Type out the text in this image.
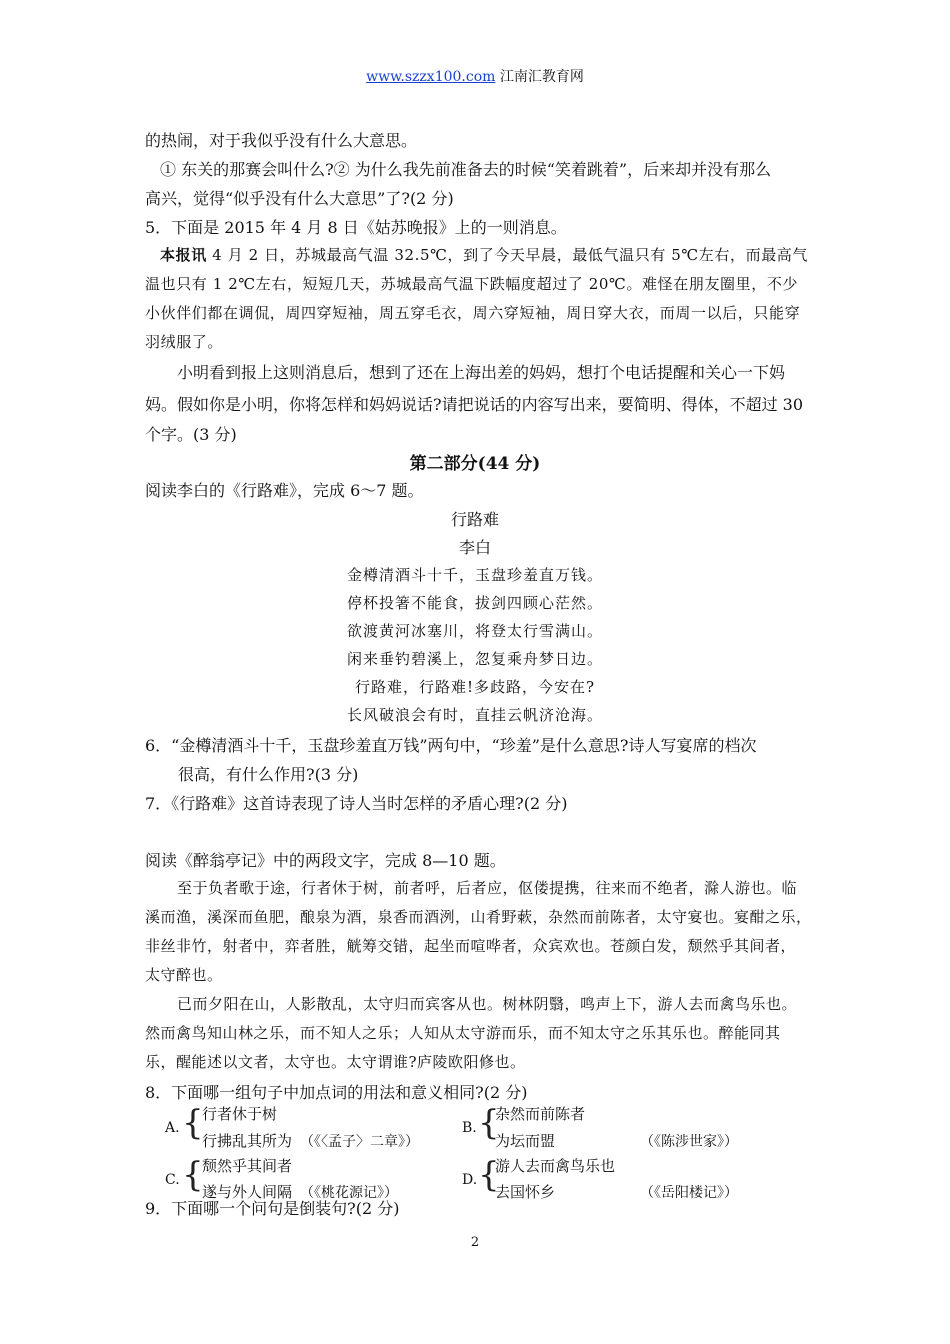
www.szzx100.com 江南汇教育网
的热闹，对于我似乎没有什么大意思。
① 东关的那赛会叫什么?② 为什么我先前准备去的时候“笑着跳着”，后来却并没有那么
高兴，觉得“似乎没有什么大意思”了?(2 分)
5．下面是 2015 年 4 月 8 日《姑苏晚报》上的一则消息。
本报讯 4 月 2 日，苏城最高气温 32.5℃，到了今天早晨，最低气温只有 5℃左右，而最高气
温也只有 1 2℃左右，短短几天，苏城最高气温下跌幅度超过了 20℃。难怪在朋友圈里，不少
小伙伴们都在调侃，周四穿短袖，周五穿毛衣，周六穿短袖，周日穿大衣，而周一以后，只能穿
羽绒服了。
小明看到报上这则消息后，想到了还在上海出差的妈妈，想打个电话提醒和关心一下妈
妈。假如你是小明，你将怎样和妈妈说话?请把说话的内容写出来，要简明、得体，不超过 30
个字。(3 分)
第二部分(44 分)
阅读李白的《行路难》，完成 6～7 题。
行路难
李白
金樽清酒斗十千，玉盘珍羞直万钱。
停杯投箸不能食，拔剑四顾心茫然。
欲渡黄河冰塞川，将登太行雪满山。
闲来垂钓碧溪上，忽复乘舟梦日边。
行路难，行路难!多歧路，今安在?
长风破浪会有时，直挂云帆济沧海。
6．“金樽清酒斗十千，玉盘珍羞直万钱”两句中，“珍羞”是什么意思?诗人写宴席的档次
很高，有什么作用?(3 分)
7．《行路难》这首诗表现了诗人当时怎样的矛盾心理?(2 分)
阅读《醉翁亭记》中的两段文字，完成 8—10 题。
至于负者歌于途，行者休于树，前者呼，后者应，伛偻提携，往来而不绝者，滁人游也。临
溪而渔，溪深而鱼肥，酿泉为酒，泉香而酒洌，山肴野蔌，杂然而前陈者，太守宴也。宴酣之乐，
非丝非竹，射者中，弈者胜，觥筹交错，起坐而喧哗者，众宾欢也。苍颜白发，颓然乎其间者，
太守醉也。
已而夕阳在山，人影散乱，太守归而宾客从也。树林阴翳，鸣声上下，游人去而禽鸟乐也。
然而禽鸟知山林之乐，而不知人之乐；人知从太守游而乐，而不知太守之乐其乐也。醉能同其
乐，醒能述以文者，太守也。太守谓谁?庐陵欧阳修也。
8．下面哪一组句子中加点词的用法和意义相同?(2 分)
A. {
行者休于树
行拂乱其所为 （《〈孟子〉二章》）
B. {
杂然而前陈者
为坛而盟	（《陈涉世家》）
C. {
颓然乎其间者
遂与外人间隔 （《桃花源记》）
D. {
游人去而禽鸟乐也
去国怀乡	（《岳阳楼记》）
9．下面哪一个问句是倒装句?(2 分)
2
